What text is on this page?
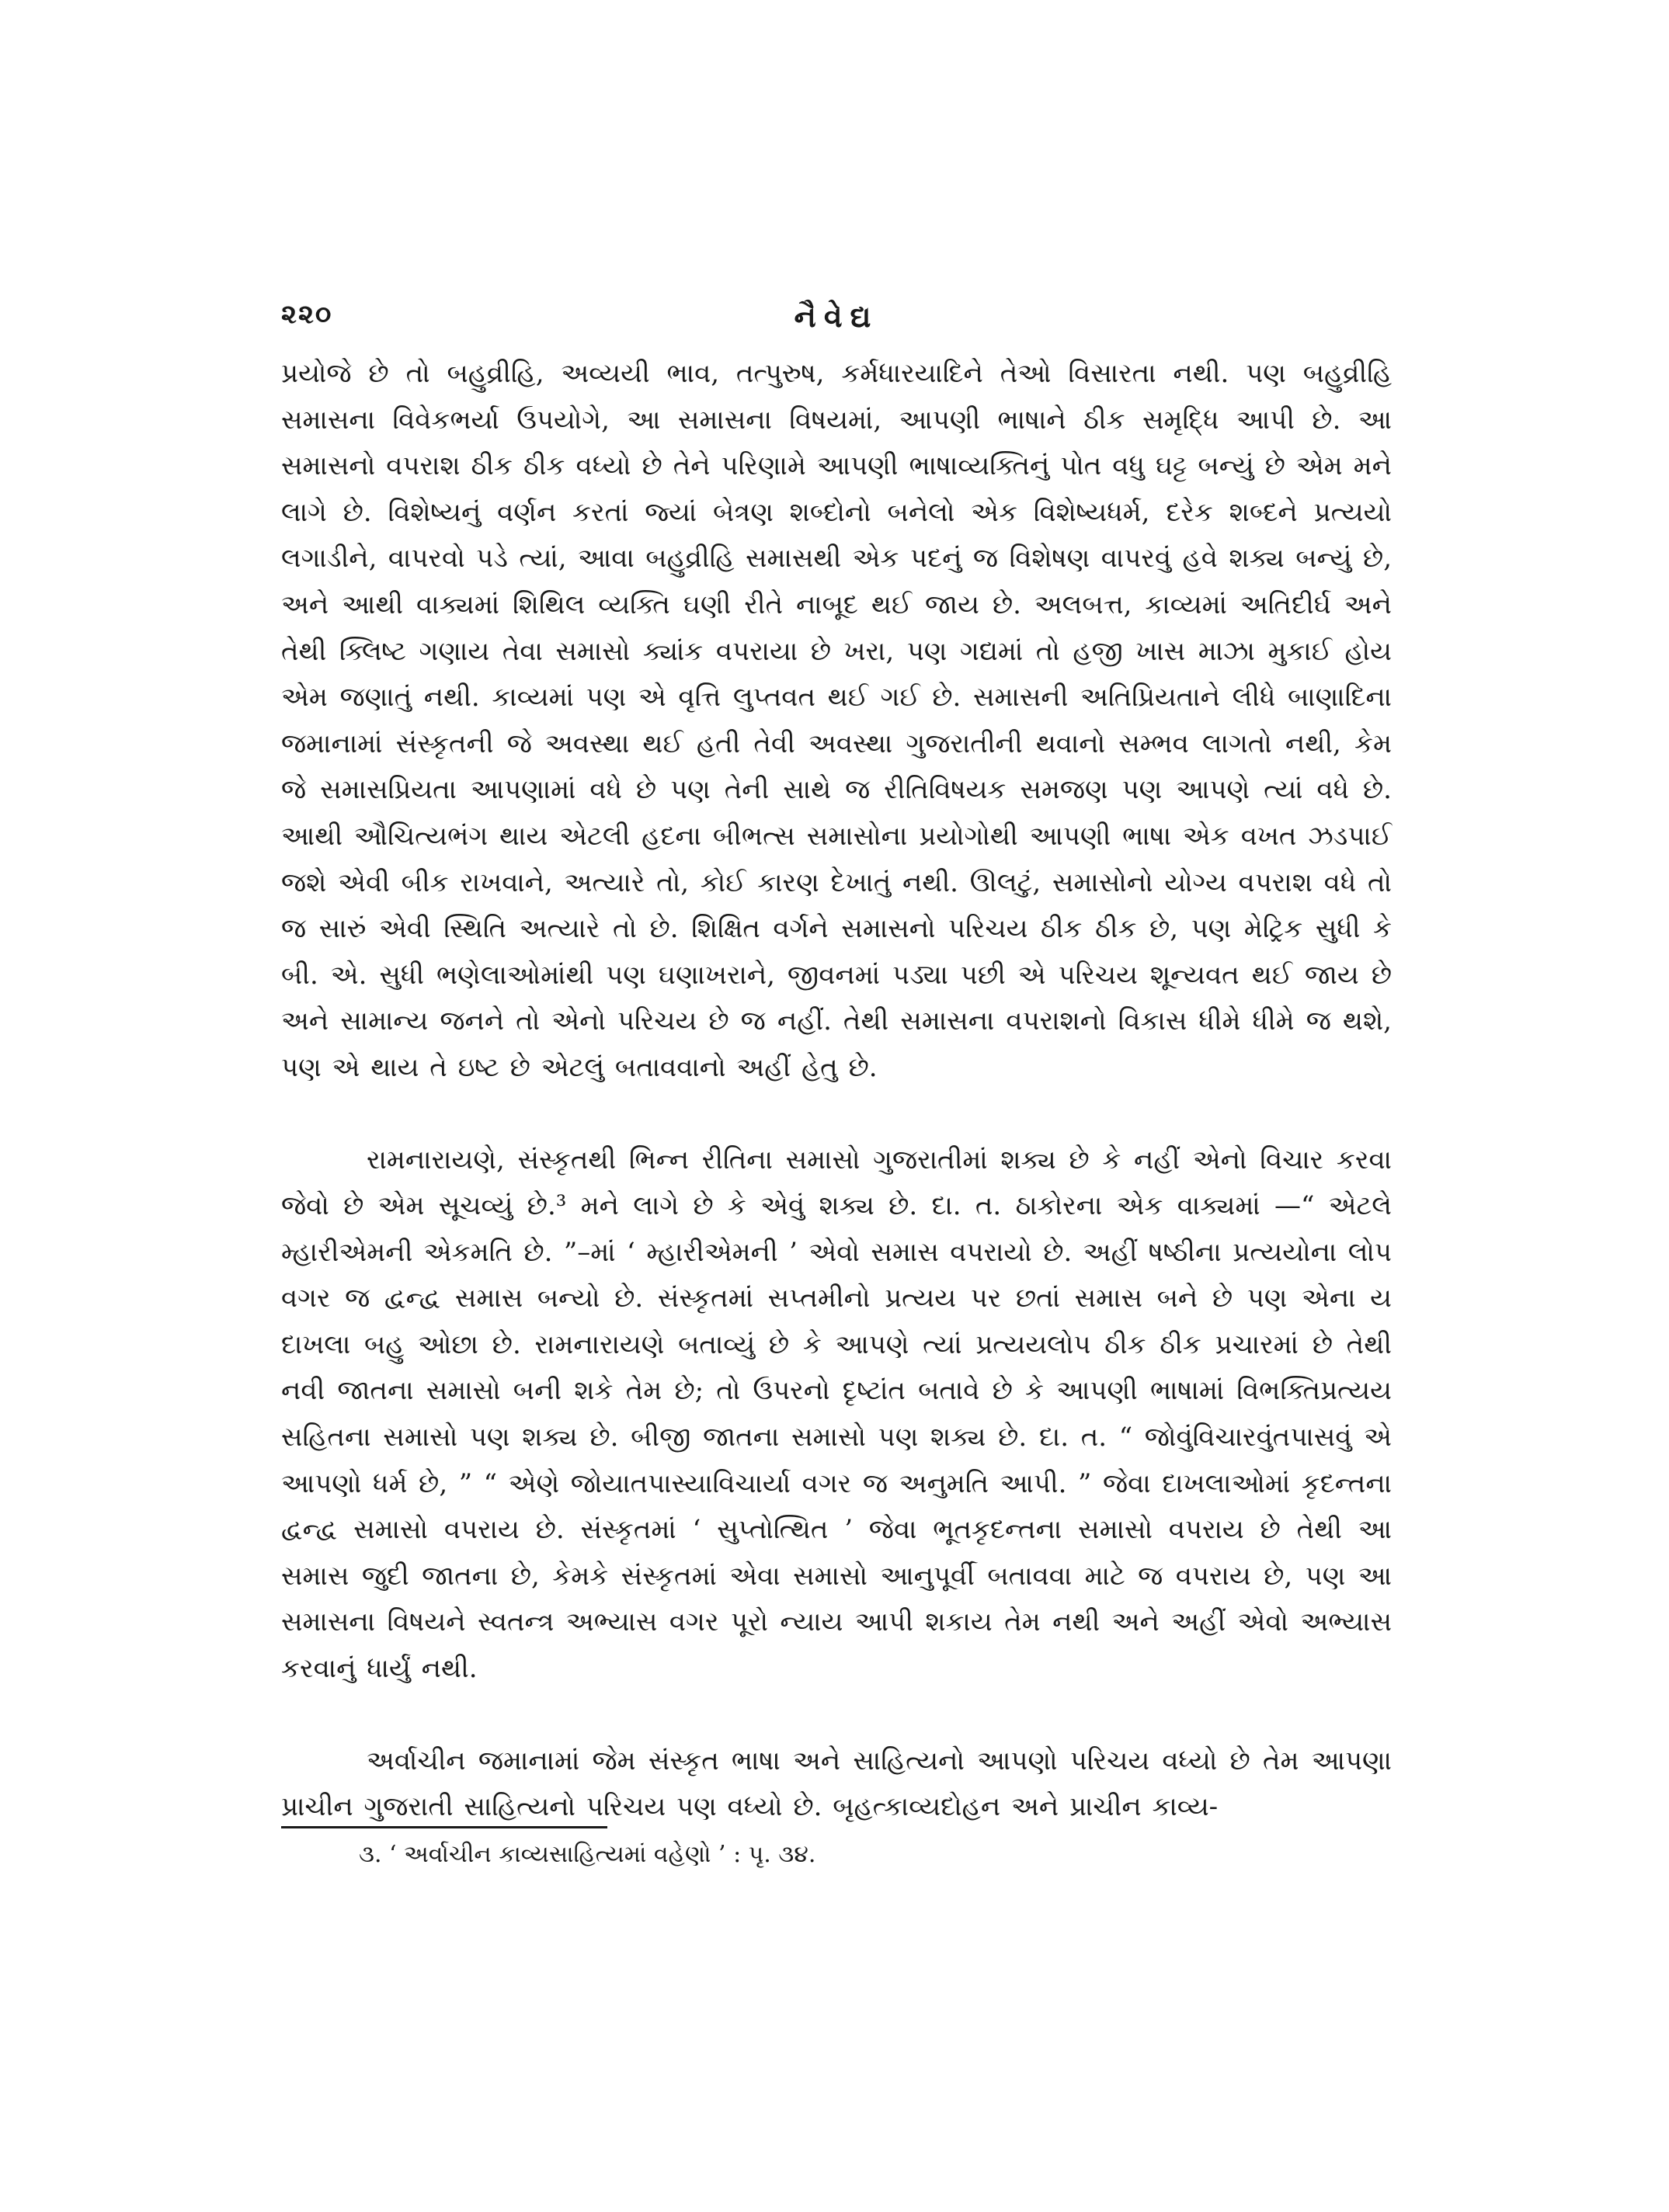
૨૨૦	નૈવેદ્ય

પ્રયોજે છે તો બહુવ્રીહિ, અવ્યયી ભાવ, તત્પુરુષ, કર્મધારયાદિને તેઓ વિસારતા નથી. પણ બહુવ્રીહિ સમાસના વિવેકભર્યા ઉપયોગે, આ સમાસના વિષયમાં, આપણી ભાષાને ઠીક સમૃદ્ધિ આપી છે. આ સમાસનો વપરાશ ઠીક ઠીક વધ્યો છે તેને પરિણામે આપણી ભાષાવ્યક્તિનું પોત વધુ ઘટ્ટ બન્યું છે એમ મને લાગે છે. વિશેષ્યનું વર્ણન કરતાં જ્યાં બેત્રણ શબ્દોનો બનેલો એક વિશેષ્યધર્મ, દરેક શબ્દને પ્રત્યયો લગાડીને, વાપરવો પડે ત્યાં, આવા બહુવ્રીહિ સમાસથી એક પદનું જ વિશેષણ વાપરવું હવે શક્ય બન્યું છે, અને આથી વાક્યમાં શિથિલ વ્યક્તિ ઘણી રીતે નાબૂદ થઈ જાય છે. અલબત્ત, કાવ્યમાં અતિદીર્ઘ અને તેથી ક્લિષ્ટ ગણાય તેવા સમાસો ક્યાંક વપરાયા છે ખરા, પણ ગદ્યમાં તો હજી ખાસ માઝા મુકાઈ હોય એમ જણાતું નથી. કાવ્યમાં પણ એ વૃત્તિ લુપ્તવત થઈ ગઈ છે. સમાસની અતિપ્રિયતાને લીધે બાણાદિના જમાનામાં સંસ્કૃતની જે અવસ્થા થઈ હતી તેવી અવસ્થા ગુજરાતીની થવાનો સમ્ભવ લાગતો નથી, કેમ જે સમાસપ્રિયતા આપણામાં વધે છે પણ તેની સાથે જ રીતિવિષયક સમજણ પણ આપણે ત્યાં વધે છે. આથી ઔચિત્યભંગ થાય એટલી હદના બીભત્સ સમાસોના પ્રયોગોથી આપણી ભાષા એક વખત ઝડપાઈ જશે એવી બીક રાખવાને, અત્યારે તો, કોઈ કારણ દેખાતું નથી. ઊલટું, સમાસોનો યોગ્ય વપરાશ વધે તો જ સારું એવી સ્થિતિ અત્યારે તો છે. શિક્ષિત વર્ગને સમાસનો પરિચય ઠીક ઠીક છે, પણ મેટ્રિક સુધી કે બી. એ. સુધી ભણેલાઓમાંથી પણ ઘણાખરાને, જીવનમાં પડ્યા પછી એ પરિચય શૂન્યવત થઈ જાય છે અને સામાન્ય જનને તો એનો પરિચય છે જ નહીં. તેથી સમાસના વપરાશનો વિકાસ ધીમે ધીમે જ થશે, પણ એ થાય તે ઇષ્ટ છે એટલું બતાવવાનો અહીં હેતુ છે.

રામનારાયણે, સંસ્કૃતથી ભિન્ન રીતિના સમાસો ગુજરાતીમાં શક્ય છે કે નહીં એનો વિચાર કરવા જેવો છે એમ સૂચવ્યું છે.³ મને લાગે છે કે એવું શક્ય છે. દા. ત. ઠાકોરના એક વાક્યમાં —“ એટલે મ્હારીએમની એકમતિ છે. ”–માં ‘ મ્હારીએમની ’ એવો સમાસ વપરાયો છે. અહીં ષષ્ઠીના પ્રત્યયોના લોપ વગર જ દ્વન્દ્વ સમાસ બન્યો છે. સંસ્કૃતમાં સપ્તમીનો પ્રત્યય પર છતાં સમાસ બને છે પણ એના ય દાખલા બહુ ઓછા છે. રામનારાયણે બતાવ્યું છે કે આપણે ત્યાં પ્રત્યયલોપ ઠીક ઠીક પ્રચારમાં છે તેથી નવી જાતના સમાસો બની શકે તેમ છે; તો ઉપરનો દૃષ્ટાંત બતાવે છે કે આપણી ભાષામાં વિભક્તિપ્રત્યય સહિતના સમાસો પણ શક્ય છે. બીજી જાતના સમાસો પણ શક્ય છે. દા. ત. “ જોવુંવિચારવુંતપાસવું એ આપણો ધર્મ છે, ” “ એણે જોયાતપાસ્યાવિચાર્યા વગર જ અનુમતિ આપી. ” જેવા દાખલાઓમાં કૃદન્તના દ્વન્દ્વ સમાસો વપરાય છે. સંસ્કૃતમાં ‘ સુપ્તોત્થિત ’ જેવા ભૂતકૃદન્તના સમાસો વપરાય છે તેથી આ સમાસ જુદી જાતના છે, કેમકે સંસ્કૃતમાં એવા સમાસો આનુપૂર્વી બતાવવા માટે જ વપરાય છે, પણ આ સમાસના વિષયને સ્વતન્ત્ર અભ્યાસ વગર પૂરો ન્યાય આપી શકાય તેમ નથી અને અહીં એવો અભ્યાસ કરવાનું ધાર્યું નથી.

અર્વાચીન જમાનામાં જેમ સંસ્કૃત ભાષા અને સાહિત્યનો આપણો પરિચય વધ્યો છે તેમ આપણા પ્રાચીન ગુજરાતી સાહિત્યનો પરિચય પણ વધ્યો છે. બૃહત્કાવ્યદોહન અને પ્રાચીન કાવ્ય-

૩. ‘ અર્વાચીન કાવ્યસાહિત્યમાં વહેણો ’ : પૃ. ૩૪.
